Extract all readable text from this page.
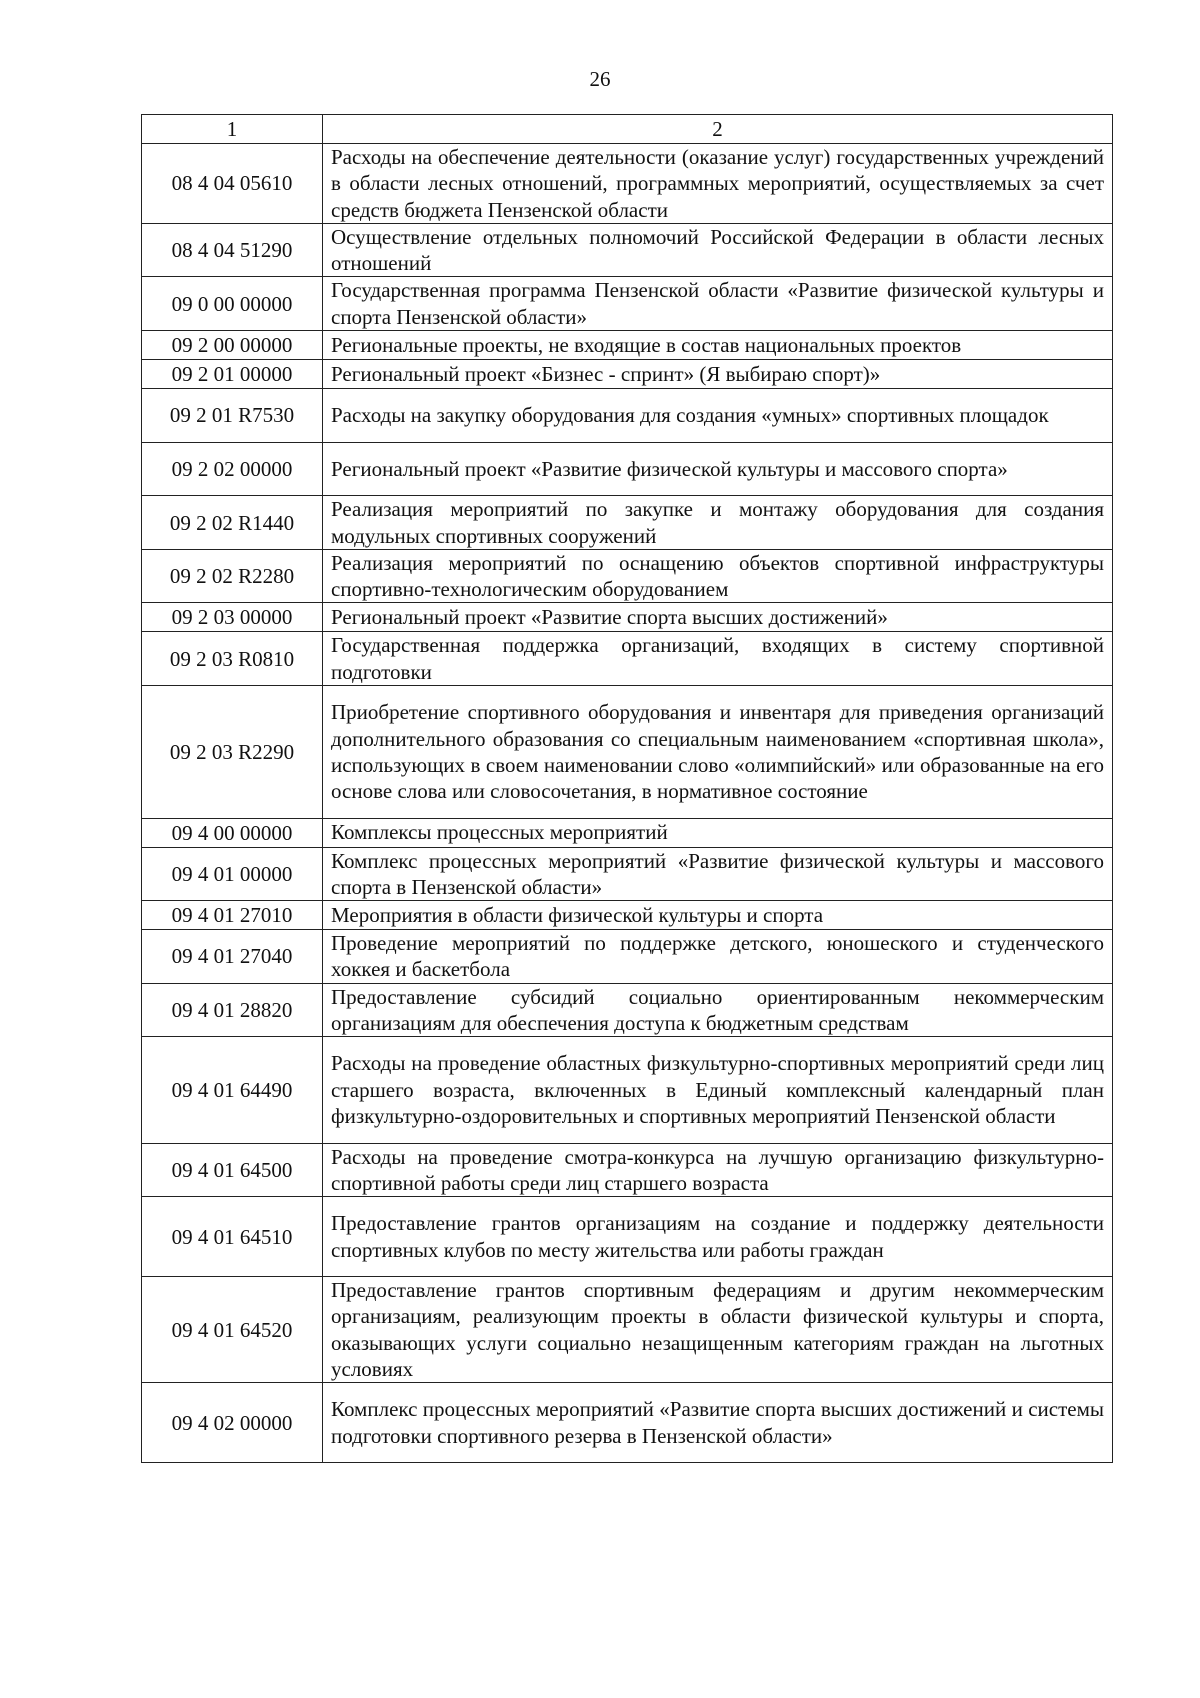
26
1	2
08 4 04 05610	Расходы на обеспечение деятельности (оказание услуг) государственных учреждений в области лесных отношений, программных мероприятий, осуществляемых за счет средств бюджета Пензенской области
08 4 04 51290	Осуществление отдельных полномочий Российской Федерации в области лесных отношений
09 0 00 00000	Государственная программа Пензенской области «Развитие физической культуры и спорта Пензенской области»
09 2 00 00000	Региональные проекты, не входящие в состав национальных проектов
09 2 01 00000	Региональный проект «Бизнес - спринт» (Я выбираю спорт)»
09 2 01 R7530	Расходы на закупку оборудования для создания «умных» спортивных площадок
09 2 02 00000	Региональный проект «Развитие физической культуры и массового спорта»
09 2 02 R1440	Реализация мероприятий по закупке и монтажу оборудования для создания модульных спортивных сооружений
09 2 02 R2280	Реализация мероприятий по оснащению объектов спортивной инфраструктуры спортивно-технологическим оборудованием
09 2 03 00000	Региональный проект «Развитие спорта высших достижений»
09 2 03 R0810	Государственная поддержка организаций, входящих в систему спортивной подготовки
09 2 03 R2290	Приобретение спортивного оборудования и инвентаря для приведения организаций дополнительного образования со специальным наименованием «спортивная школа», использующих в своем наименовании слово «олимпийский» или образованные на его основе слова или словосочетания, в нормативное состояние
09 4 00 00000	Комплексы процессных мероприятий
09 4 01 00000	Комплекс процессных мероприятий «Развитие физической культуры и массового спорта в Пензенской области»
09 4 01 27010	Мероприятия в области физической культуры и спорта
09 4 01 27040	Проведение мероприятий по поддержке детского, юношеского и студенческого хоккея и баскетбола
09 4 01 28820	Предоставление субсидий социально ориентированным некоммерческим организациям для обеспечения доступа к бюджетным средствам
09 4 01 64490	Расходы на проведение областных физкультурно-спортивных мероприятий среди лиц старшего возраста, включенных в Единый комплексный календарный план физкультурно-оздоровительных и спортивных мероприятий Пензенской области
09 4 01 64500	Расходы на проведение смотра-конкурса на лучшую организацию физкультурно-спортивной работы среди лиц старшего возраста
09 4 01 64510	Предоставление грантов организациям на создание и поддержку деятельности спортивных клубов по месту жительства или работы граждан
09 4 01 64520	Предоставление грантов спортивным федерациям и другим некоммерческим организациям, реализующим проекты в области физической культуры и спорта, оказывающих услуги социально незащищенным категориям граждан на льготных условиях
09 4 02 00000	Комплекс процессных мероприятий «Развитие спорта высших достижений и системы подготовки спортивного резерва в Пензенской области»
